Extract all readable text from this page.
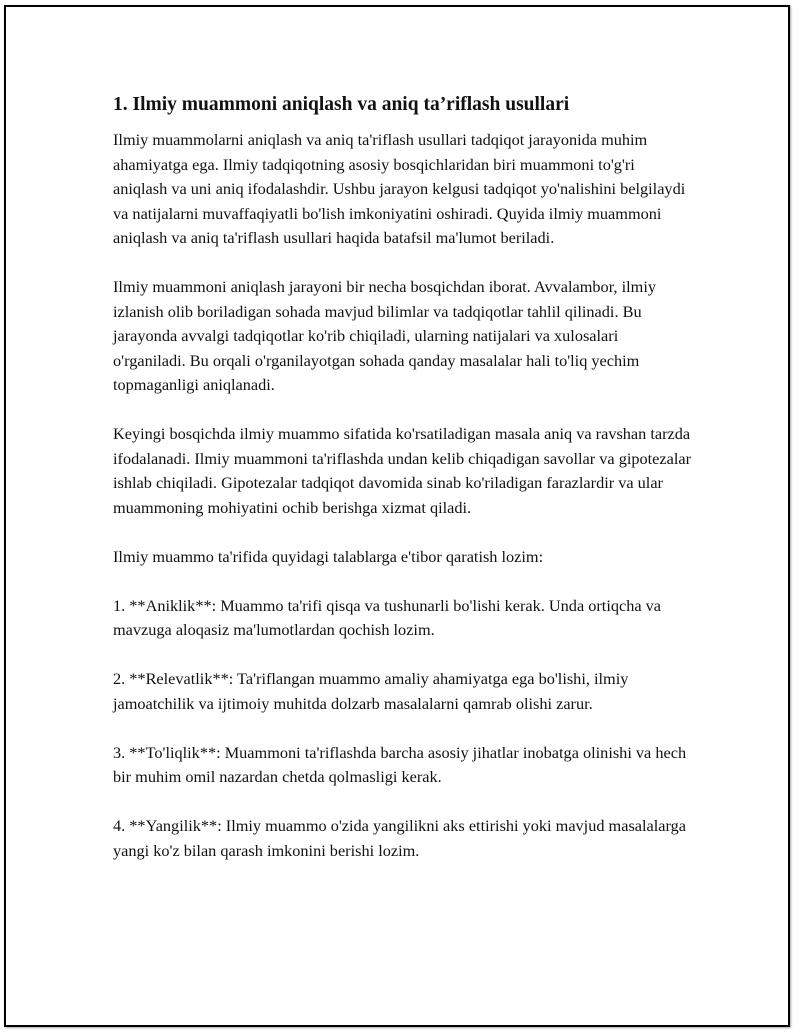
1. Ilmiy muammoni aniqlash va aniq ta’riflash usullari

Ilmiy muammolarni aniqlash va aniq ta'riflash usullari tadqiqot jarayonida muhim ahamiyatga ega. Ilmiy tadqiqotning asosiy bosqichlaridan biri muammoni to'g'ri aniqlash va uni aniq ifodalashdir. Ushbu jarayon kelgusi tadqiqot yo'nalishini belgilaydi va natijalarni muvaffaqiyatli bo'lish imkoniyatini oshiradi. Quyida ilmiy muammoni aniqlash va aniq ta'riflash usullari haqida batafsil ma'lumot beriladi.

Ilmiy muammoni aniqlash jarayoni bir necha bosqichdan iborat. Avvalambor, ilmiy izlanish olib boriladigan sohada mavjud bilimlar va tadqiqotlar tahlil qilinadi. Bu jarayonda avvalgi tadqiqotlar ko'rib chiqiladi, ularning natijalari va xulosalari o'rganiladi. Bu orqali o'rganilayotgan sohada qanday masalalar hali to'liq yechim topmaganligi aniqlanadi.

Keyingi bosqichda ilmiy muammo sifatida ko'rsatiladigan masala aniq va ravshan tarzda ifodalanadi. Ilmiy muammoni ta'riflashda undan kelib chiqadigan savollar va gipotezalar ishlab chiqiladi. Gipotezalar tadqiqot davomida sinab ko'riladigan farazlardir va ular muammoning mohiyatini ochib berishga xizmat qiladi.

Ilmiy muammo ta'rifida quyidagi talablarga e'tibor qaratish lozim:

1. **Aniklik**: Muammo ta'rifi qisqa va tushunarli bo'lishi kerak. Unda ortiqcha va mavzuga aloqasiz ma'lumotlardan qochish lozim.

2. **Relevatlik**: Ta'riflangan muammo amaliy ahamiyatga ega bo'lishi, ilmiy jamoatchilik va ijtimoiy muhitda dolzarb masalalarni qamrab olishi zarur.

3. **To'liqlik**: Muammoni ta'riflashda barcha asosiy jihatlar inobatga olinishi va hech bir muhim omil nazardan chetda qolmasligi kerak.

4. **Yangilik**: Ilmiy muammo o'zida yangilikni aks ettirishi yoki mavjud masalalarga yangi ko'z bilan qarash imkonini berishi lozim.
